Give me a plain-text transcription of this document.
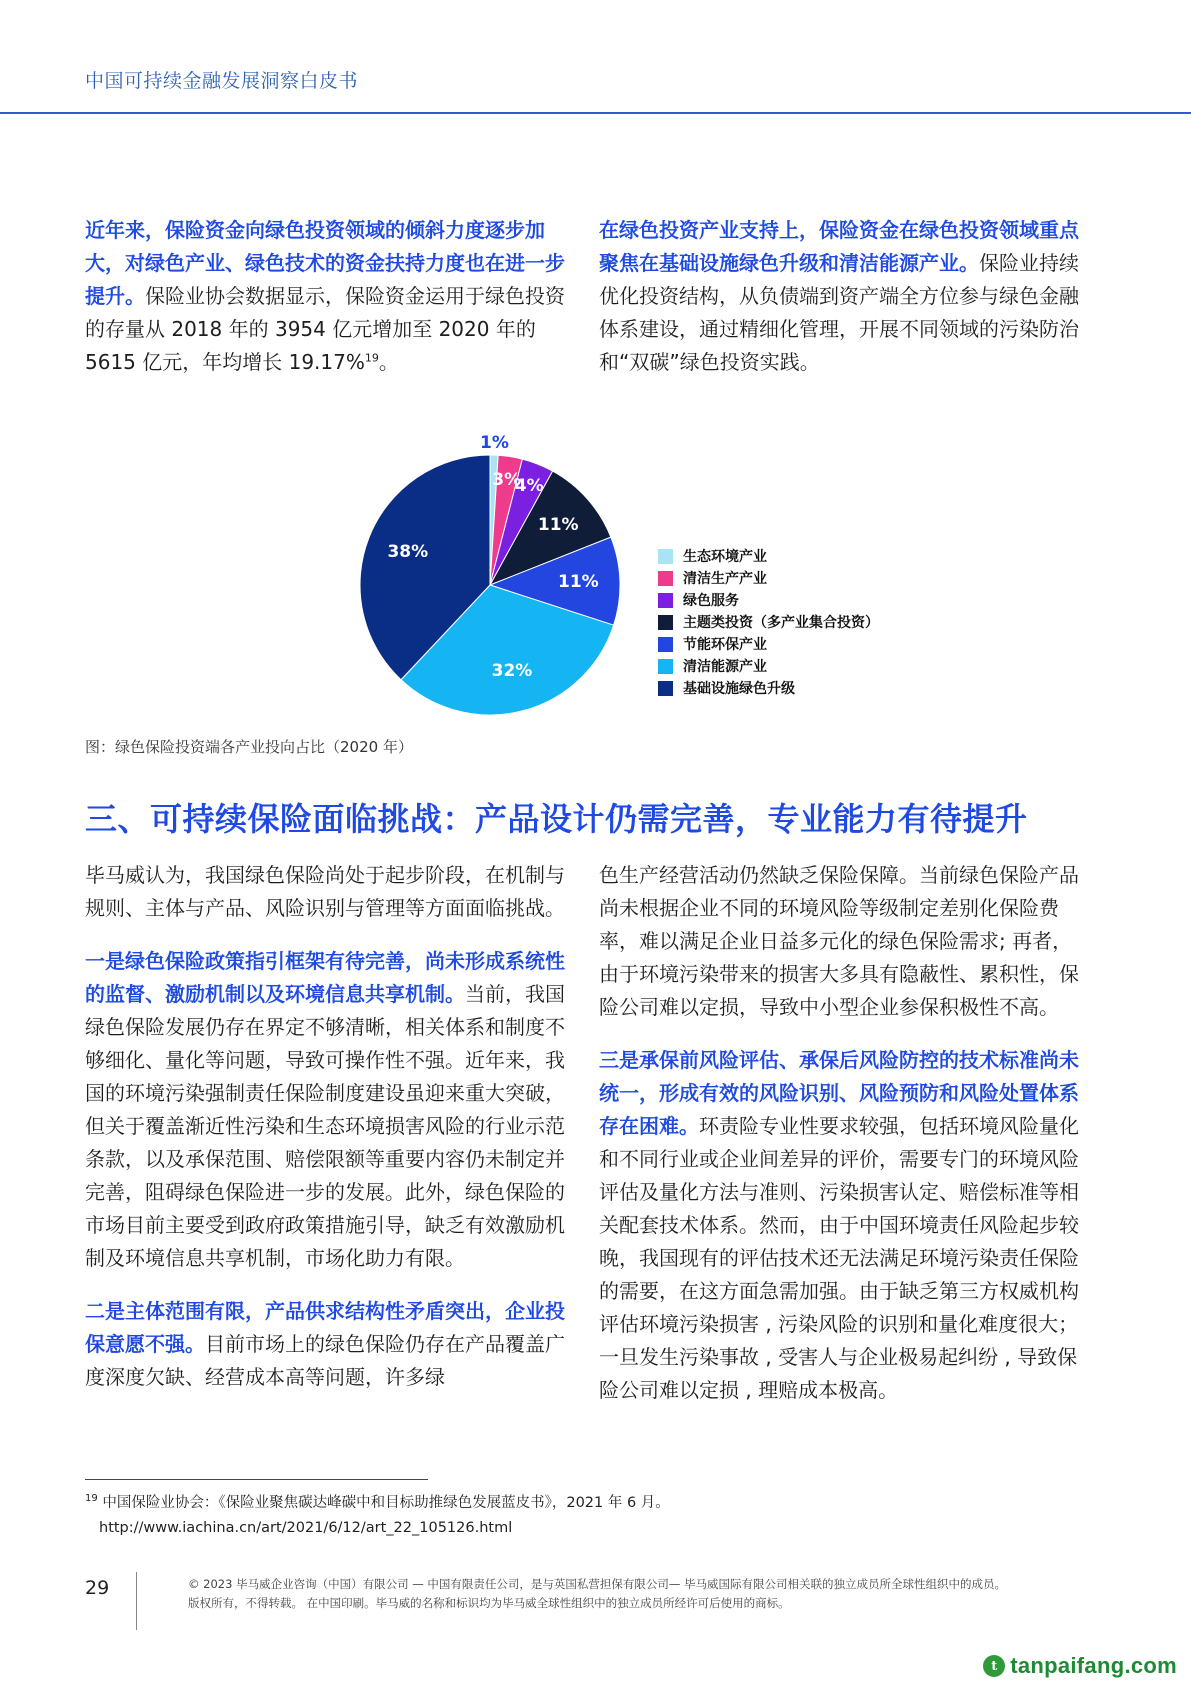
中国可持续金融发展洞察白皮书

近年来，保险资金向绿色投资领域的倾斜力度逐步加大，对绿色产业、绿色技术的资金扶持力度也在进一步提升。保险业协会数据显示，保险资金运用于绿色投资的存量从 2018 年的 3954 亿元增加至 2020 年的 5615 亿元，年均增长 19.17%$^{19}$。

在绿色投资产业支持上，保险资金在绿色投资领域重点聚焦在基础设施绿色升级和清洁能源产业。保险业持续优化投资结构，从负债端到资产端全方位参与绿色金融体系建设，通过精细化管理，开展不同领域的污染防治和“双碳”绿色投资实践。

1%
3%
4%
11%
11%
32%
38%	生态环境产业
清洁生产产业
绿色服务
主题类投资（多产业集合投资）
节能环保产业
清洁能源产业
基础设施绿色升级
图：绿色保险投资端各产业投向占比（2020 年）
三、可持续保险面临挑战：产品设计仍需完善，专业能力有待提升

毕马威认为，我国绿色保险尚处于起步阶段，在机制与规则、主体与产品、风险识别与管理等方面面临挑战。

一是绿色保险政策指引框架有待完善，尚未形成系统性的监督、激励机制以及环境信息共享机制。当前，我国绿色保险发展仍存在界定不够清晰，相关体系和制度不够细化、量化等问题，导致可操作性不强。近年来，我国的环境污染强制责任保险制度建设虽迎来重大突破，但关于覆盖渐近性污染和生态环境损害风险的行业示范条款，以及承保范围、赔偿限额等重要内容仍未制定并完善，阻碍绿色保险进一步的发展。此外，绿色保险的市场目前主要受到政府政策措施引导，缺乏有效激励机制及环境信息共享机制，市场化助力有限。

二是主体范围有限，产品供求结构性矛盾突出，企业投保意愿不强。目前市场上的绿色保险仍存在产品覆盖广度深度欠缺、经营成本高等问题，许多绿

色生产经营活动仍然缺乏保险保障。当前绿色保险产品尚未根据企业不同的环境风险等级制定差别化保险费率，难以满足企业日益多元化的绿色保险需求; 再者，由于环境污染带来的损害大多具有隐蔽性、累积性，保险公司难以定损，导致中小型企业参保积极性不高。

三是承保前风险评估、承保后风险防控的技术标准尚未统一，形成有效的风险识别、风险预防和风险处置体系存在困难。环责险专业性要求较强，包括环境风险量化和不同行业或企业间差异的评价，需要专门的环境风险评估及量化方法与准则、污染损害认定、赔偿标准等相关配套技术体系。然而，由于中国环境责任风险起步较晚，我国现有的评估技术还无法满足环境污染责任保险的需要，在这方面急需加强。由于缺乏第三方权威机构评估环境污染损害 , 污染风险的识别和量化难度很大；一旦发生污染事故 , 受害人与企业极易起纠纷 , 导致保险公司难以定损 , 理赔成本极高。

$^{19}$ 中国保险业协会：《保险业聚焦碳达峰碳中和目标助推绿色发展蓝皮书》，2021 年 6 月。
http://www.iachina.cn/art/2021/6/12/art_22_105126.html
29	© 2023 毕马威企业咨询（中国）有限公司 — 中国有限责任公司，是与英国私营担保有限公司— 毕马威国际有限公司相关联的独立成员所全球性组织中的成员。
版权所有，不得转载。 在中国印刷。毕马威的名称和标识均为毕马威全球性组织中的独立成员所经许可后使用的商标。
t tanpaifang.com
